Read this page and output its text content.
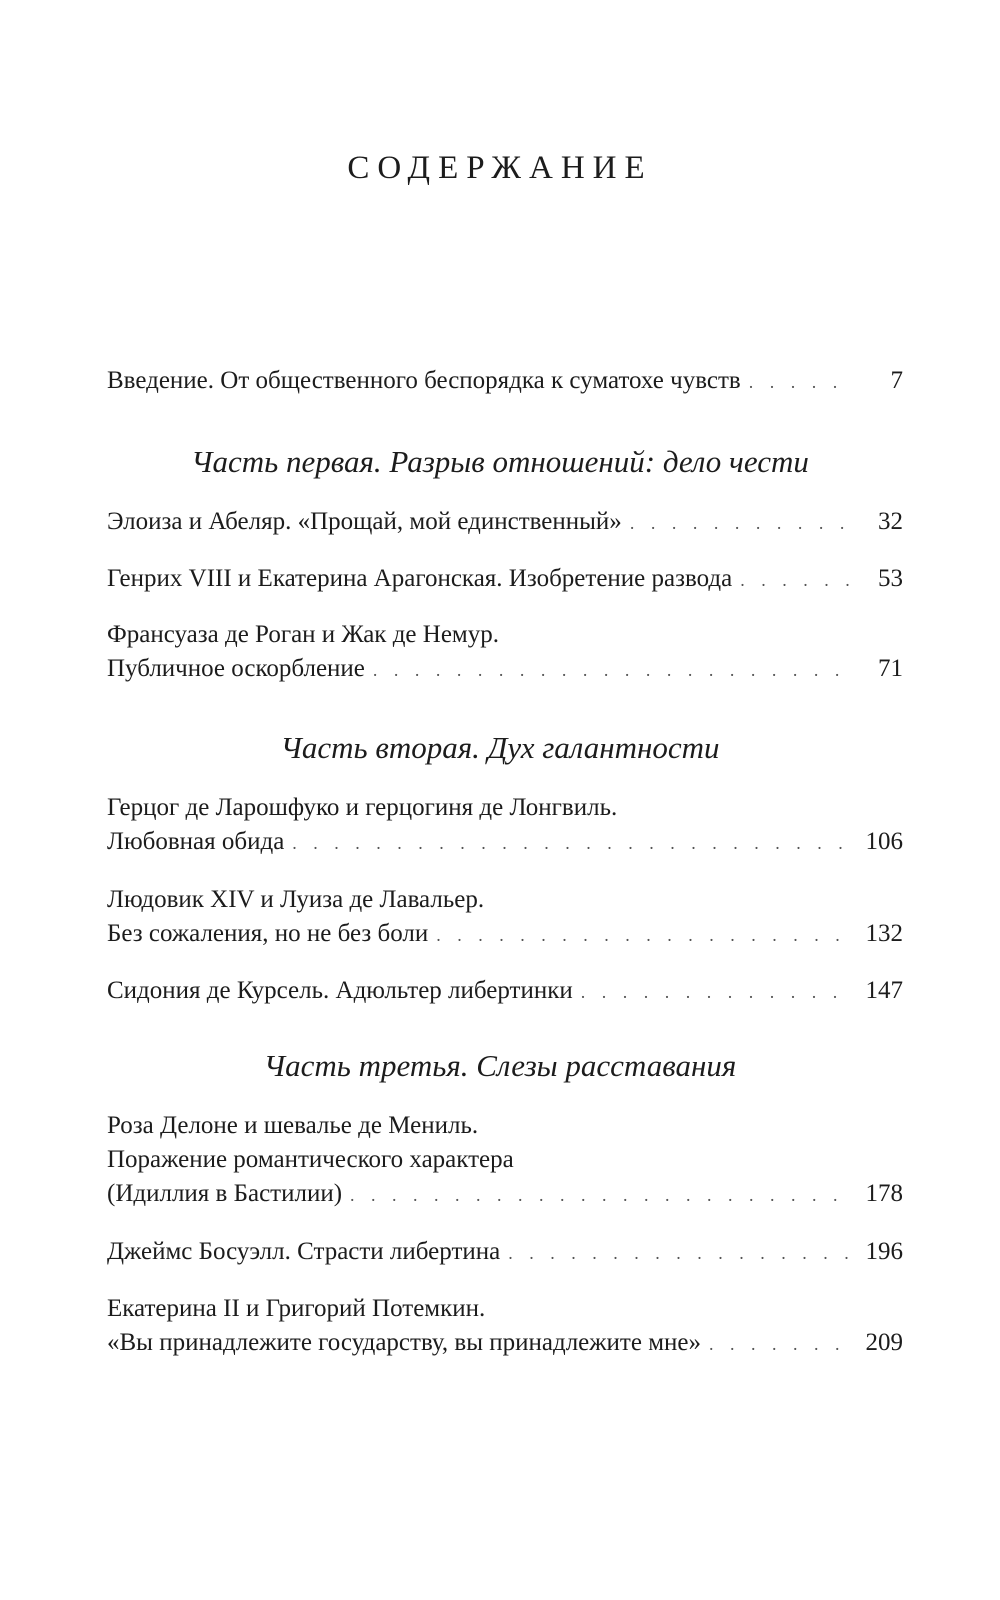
СОДЕРЖАНИЕ
Введение. От общественного беспорядка к суматохе чувств . . .	7
Часть первая. Разрыв отношений: дело чести
Элоиза и Абеляр. «Прощай, мой единственный» . . .	32
Генрих VIII и Екатерина Арагонская. Изобретение развода . . .	53
Франсуаза де Роган и Жак де Немур.
Публичное оскорбление . . .	71
Часть вторая. Дух галантности
Герцог де Ларошфуко и герцогиня де Лонгвиль.
Любовная обида . . .	106
Людовик XIV и Луиза де Лавальер.
Без сожаления, но не без боли . . .	132
Сидония де Курсель. Адюльтер либертинки . . .	147
Часть третья. Слезы расставания
Роза Делоне и шевалье де Мениль.
Поражение романтического характера
(Идиллия в Бастилии) . . .	178
Джеймс Босуэлл. Страсти либертина . . .	196
Екатерина II и Григорий Потемкин.
«Вы принадлежите государству, вы принадлежите мне» . . .	209
